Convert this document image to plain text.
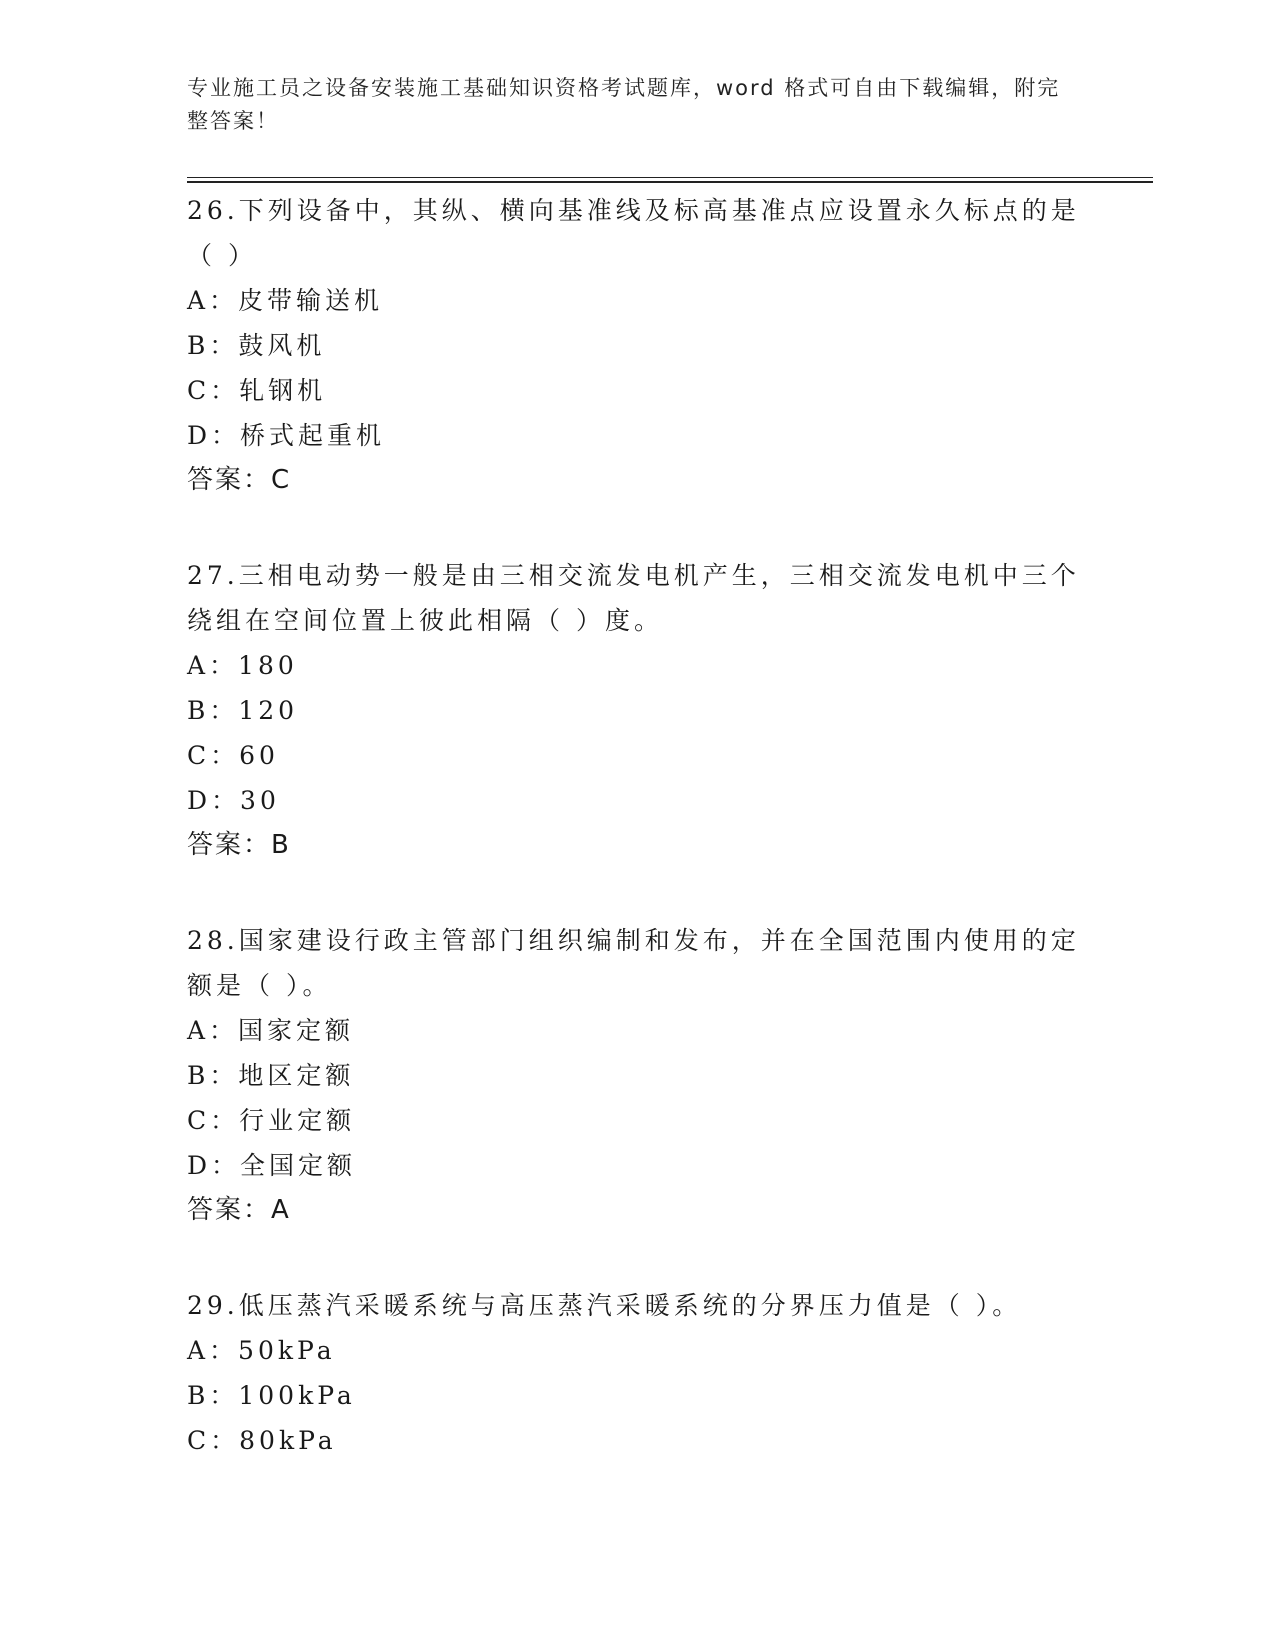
专业施工员之设备安装施工基础知识资格考试题库，word 格式可自由下载编辑，附完整答案！
26.下列设备中，其纵、横向基准线及标高基准点应设置永久标点的是（ ）
A：皮带输送机
B：鼓风机
C：轧钢机
D：桥式起重机
答案：C
27.三相电动势一般是由三相交流发电机产生，三相交流发电机中三个绕组在空间位置上彼此相隔（ ）度。
A：180
B：120
C：60
D：30
答案：B
28.国家建设行政主管部门组织编制和发布，并在全国范围内使用的定额是（ ）。
A：国家定额
B：地区定额
C：行业定额
D：全国定额
答案：A
29.低压蒸汽采暖系统与高压蒸汽采暖系统的分界压力值是（ ）。
A：50kPa
B：100kPa
C：80kPa
